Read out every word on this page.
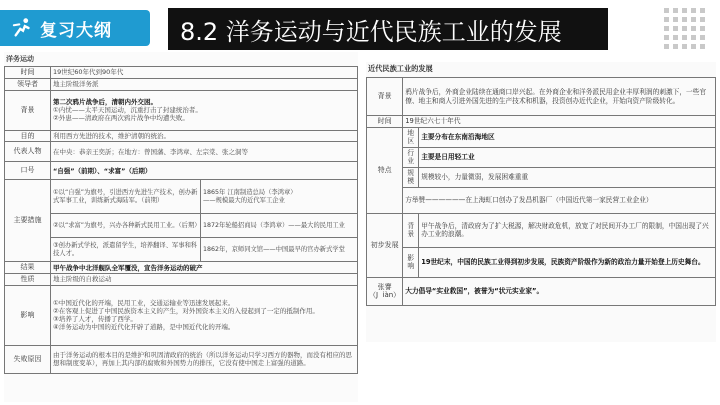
复习大纲	8.2 洋务运动与近代民族工业的发展
洋务运动
时间	19世纪60年代到90年代	
领导者	地主阶级洋务派	
背景	第二次鸦片战争后，清朝内外交困。
①内忧——太平天国运动，沉重打击了封建统治者。
②外患——清政府在两次鸦片战争中均遭失败。	

目的	利用西方先进的技术，维护清朝的统治。	
代表人物	在中央：恭亲王奕訢；在地方：曾国藩、李鸿章、左宗棠、张之洞等	
口号	“自强”（前期）、“求富”（后期）	
主要措施	①以“自强”为旗号，引进西方先进生产技术，创办新式军事工业，训练新式海陆军。（前期）	1865年 江南制造总局（李鸿章）
——规模最大的近代军工企业

	②以“求富”为旗号，兴办各种新式民用工业。（后期）	1872年轮船招商局（李鸿章）——最大的民用工业
	③创办新式学校，派遣留学生，培养翻译、军事和科技人才。	1862年，京师同文馆——中国最早的官办新式学堂
结果	甲午战争中北洋舰队全军覆没，宣告洋务运动的破产	
性质	地主阶级的自救运动	
影响	①中国近代化的开端，民用工业，交通运输业等迅速发展起来。
②在客观上促进了中国民族资本主义的产生，对外国资本主义的入侵起到了一定的抵制作用。
③培养了人才，传播了西学。
④洋务运动为中国的近代化开辟了道路，是中国近代化的开端。	

失败原因	由于洋务运动的根本目的是维护和巩固清政府的统治（所以洋务运动只学习西方的器物，而没有相应的思想和制度变革），再加上其内部的腐败和外国势力的排压，它没有使中国走上富强的道路。	
近代民族工业的发展
背景	鸦片战争后，外商企业陆续在通商口岸兴起。在外商企业和洋务派民用企业丰厚利润的刺激下，一些官僚、地主和商人引进外国先进的生产技术和机器，投资创办近代企业，开始向资产阶级转化。	
时间	19世纪六七十年代	
特点	地区	主要分布在东南沿海地区
	行业	主要是日用轻工业
	规模	规模较小，力量微弱，发展困难重重
	方举赞——————在上海虹口创办了发昌机器厂（中国近代第一家民营工业企业）	
初步发展	背景	甲午战争后，清政府为了扩大税源，解决财政危机，放宽了对民间开办工厂的限制，中国出现了兴办工业的浪潮。
	影响	19世纪末，中国的民族工业得到初步发展，民族资产阶级作为新的政治力量开始登上历史舞台。
张謇（J  iàn）	大力倡导“实业救国”，被誉为“状元实业家”。	
